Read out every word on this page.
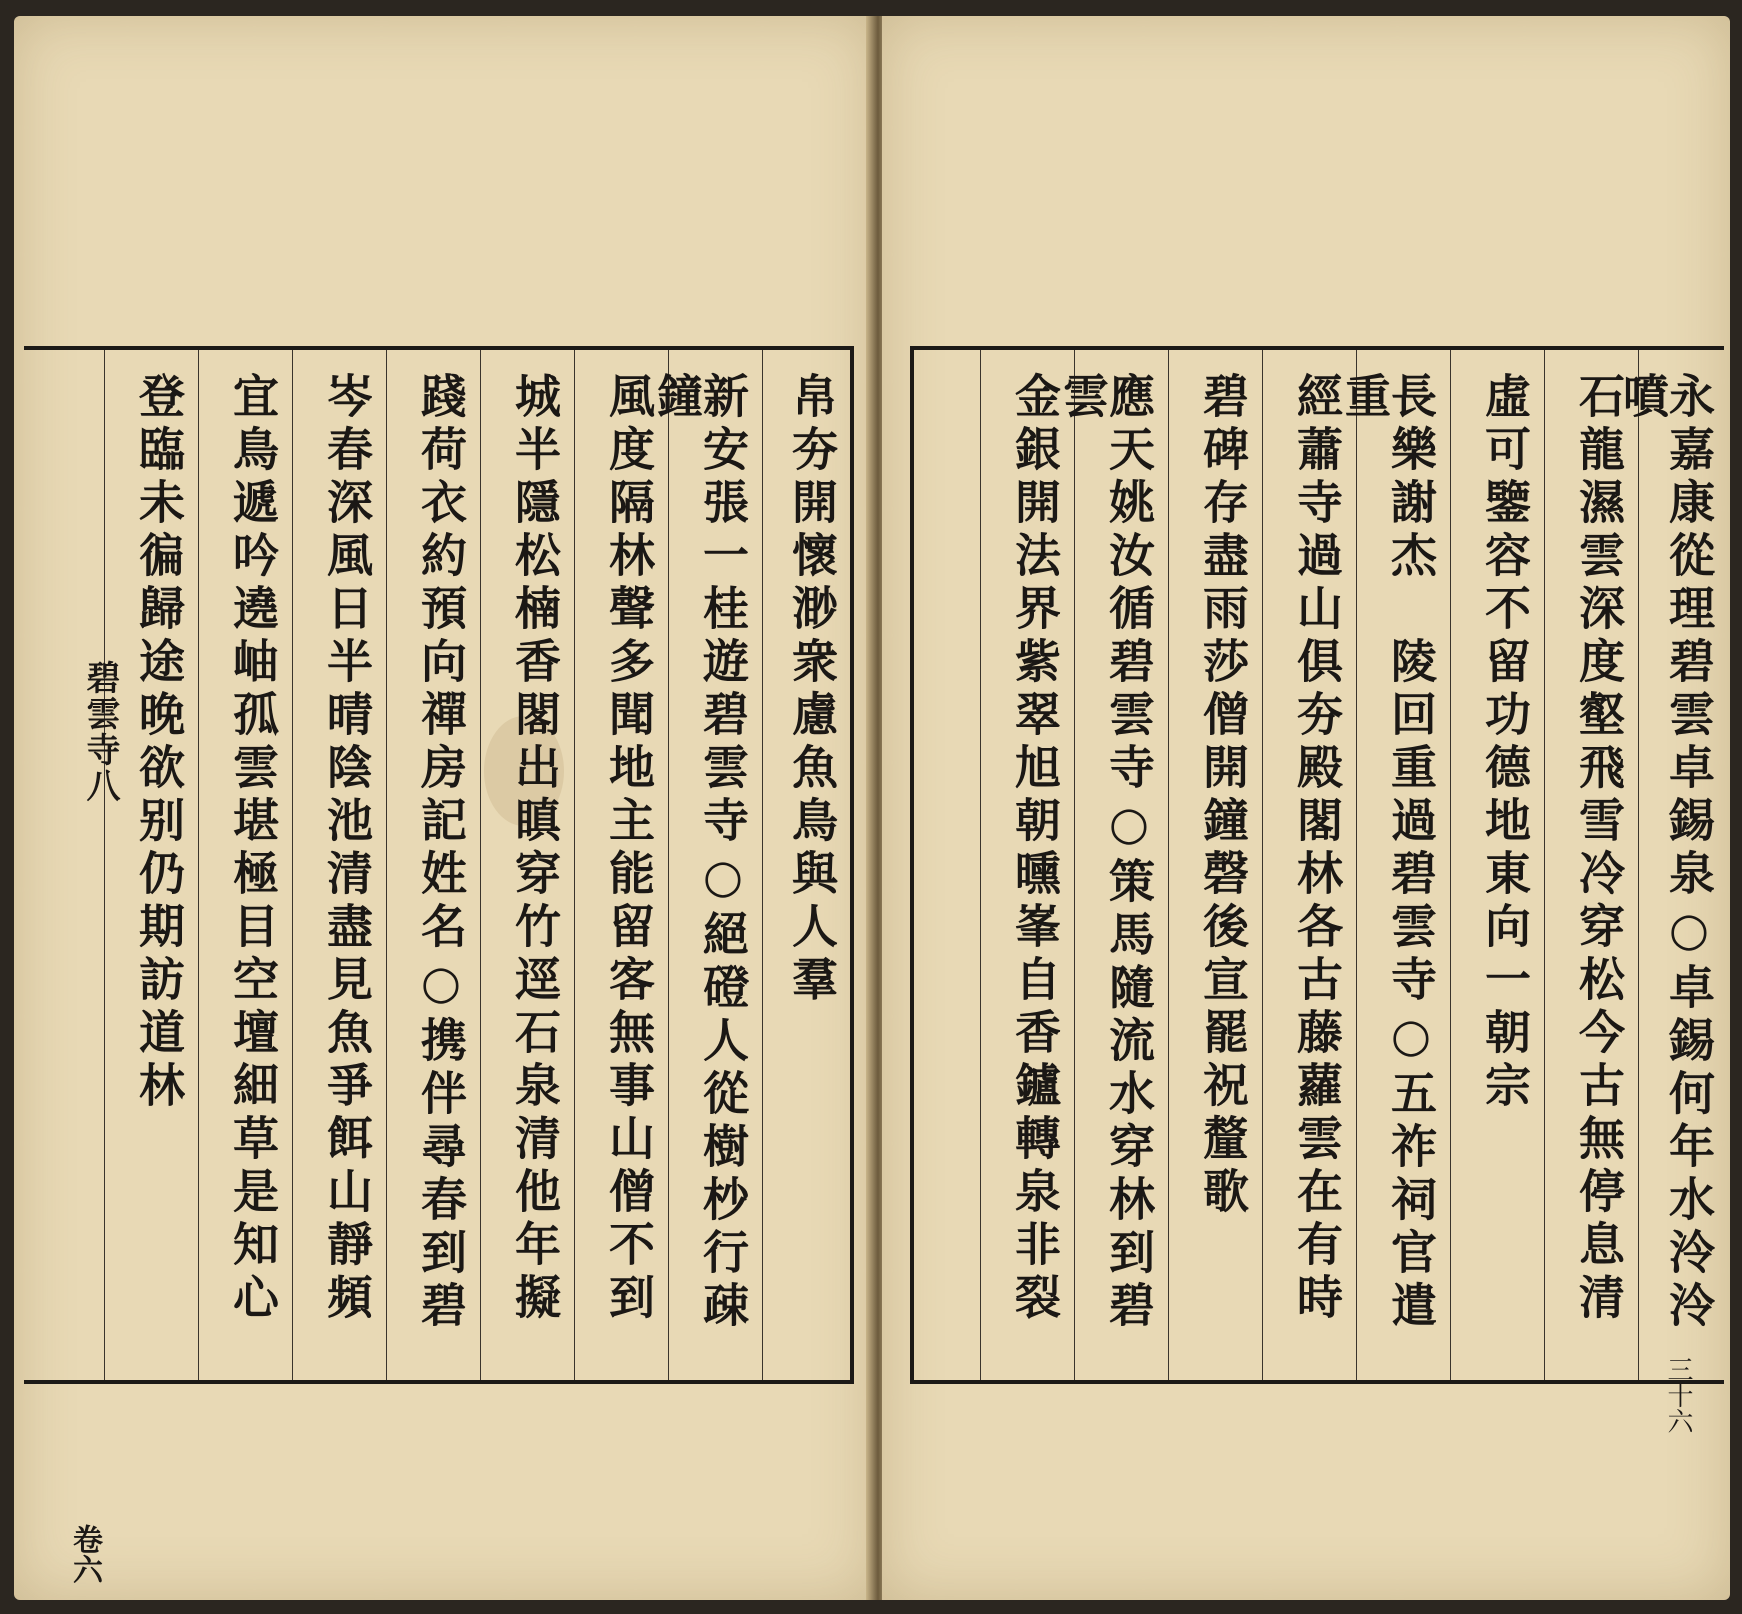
帛夯開懷渺衆慮魚鳥與人羣
新安張一桂遊碧雲寺○絕磴人從樹杪行疎鐘
風度隔林聲多聞地主能留客無事山僧不到
城半隱松楠香閣出瞋穿竹逕石泉清他年擬
踐荷衣約預向禪房記姓名○携伴尋春到碧
岑春深風日半晴陰池清盡見魚爭餌山靜頻
宜鳥遞吟遶岫孤雲堪極目空壇細草是知心
登臨未徧歸途晚欲别仍期訪道林
碧雲寺八
卷六
永嘉康從理碧雲卓錫泉○卓錫何年水泠泠噴
石龍濕雲深度壑飛雪冷穿松今古無停息清
虛可鑒容不留功德地東向一朝宗
長樂謝杰　陵回重過碧雲寺○五祚祠官遣重
經蕭寺過山俱夯殿閣林各古藤蘿雲在有時
碧碑存盡雨莎僧開鐘磬後宣罷祝釐歌
應天姚汝循碧雲寺○策馬隨流水穿林到碧雲
金銀開法界紫翠旭朝曛峯自香鑪轉泉非裂
三十六
